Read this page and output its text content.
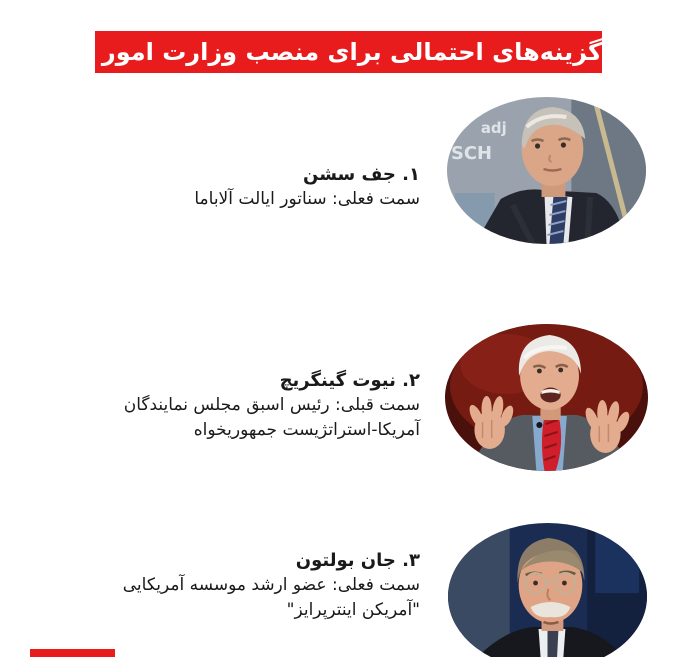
گزینه‌های احتمالی برای منصب وزارت امور خارجه:
۱. جف سشن
سمت فعلی: سناتور ایالت آلاباما
adj
SCH
۲. نیوت گینگریچ
سمت قبلی: رئیس اسبق مجلس نمایندگان
آمریکا-استراتژیست جمهوریخواه
۳. جان بولتون
سمت فعلی: عضو ارشد موسسه آمریکایی
"آمریکن اینترپرایز"
